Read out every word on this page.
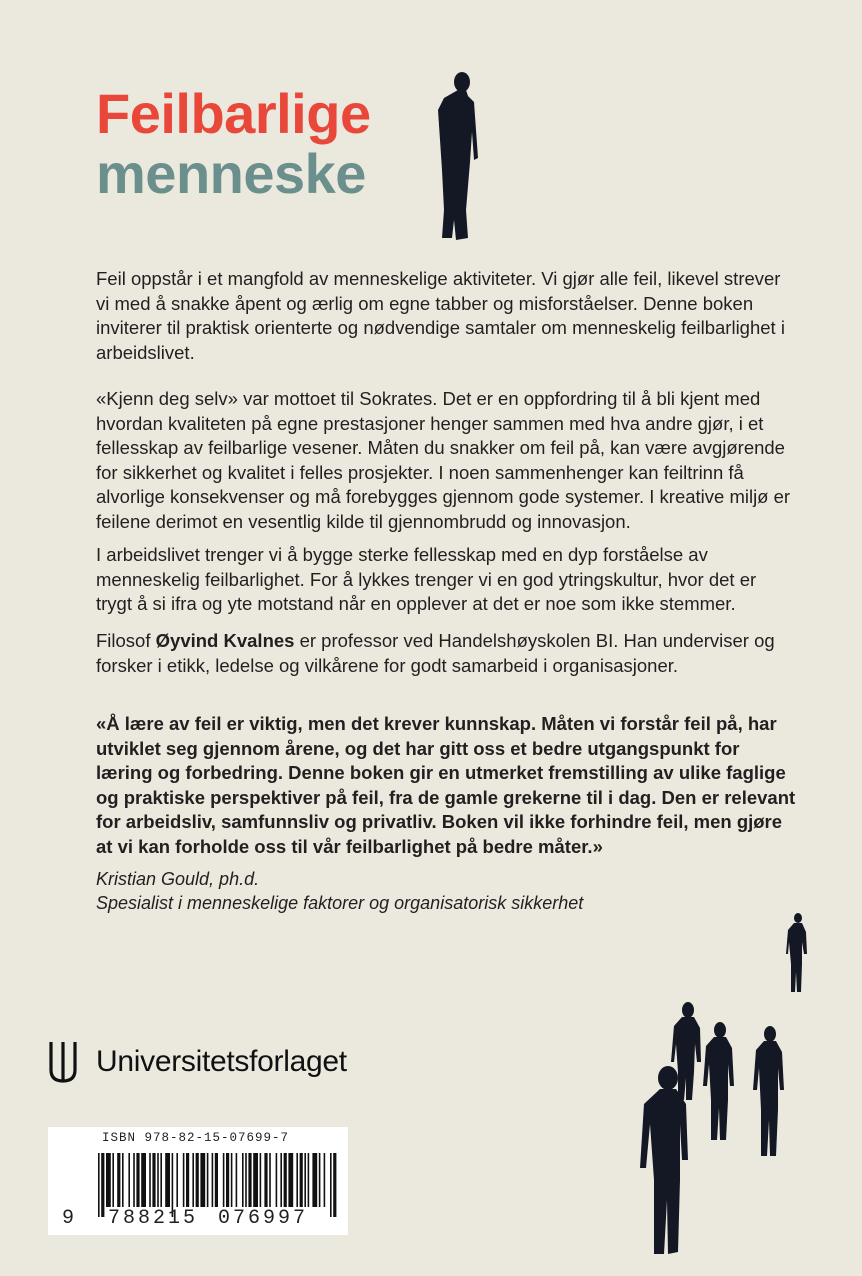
Feilbarlige
menneske

Feil oppstår i et mangfold av menneskelige aktiviteter. Vi gjør alle feil, likevel strever vi med å snakke åpent og ærlig om egne tabber og misforståelser. Denne boken inviterer til praktisk orienterte og nødvendige samtaler om menneskelig feilbarlighet i arbeidslivet.

«Kjenn deg selv» var mottoet til Sokrates. Det er en oppfordring til å bli kjent med hvordan kvaliteten på egne prestasjoner henger sammen med hva andre gjør, i et fellesskap av feilbarlige vesener. Måten du snakker om feil på, kan være avgjørende for sikkerhet og kvalitet i felles prosjekter. I noen sammenhenger kan feiltrinn få alvorlige konsekvenser og må forebygges gjennom gode systemer. I kreative miljø er feilene derimot en vesentlig kilde til gjennombrudd og innovasjon.

I arbeidslivet trenger vi å bygge sterke fellesskap med en dyp forståelse av menneskelig feilbarlighet. For å lykkes trenger vi en god ytringskultur, hvor det er trygt å si ifra og yte motstand når en opplever at det er noe som ikke stemmer.

Filosof Øyvind Kvalnes er professor ved Handelshøyskolen BI. Han underviser og forsker i etikk, ledelse og vilkårene for godt samarbeid i organisasjoner.

«Å lære av feil er viktig, men det krever kunnskap. Måten vi forstår feil på, har utviklet seg gjennom årene, og det har gitt oss et bedre utgangspunkt for læring og forbedring. Denne boken gir en utmerket fremstilling av ulike faglige og praktiske perspektiver på feil, fra de gamle grekerne til i dag. Den er relevant for arbeidsliv, samfunnsliv og privatliv. Boken vil ikke forhindre feil, men gjøre at vi kan forholde oss til vår feilbarlighet på bedre måter.»

Kristian Gould, ph.d.
Spesialist i menneskelige faktorer og organisatorisk sikkerhet

Universitetsforlaget
ISBN 978-82-15-07699-7
9 788215 076997
